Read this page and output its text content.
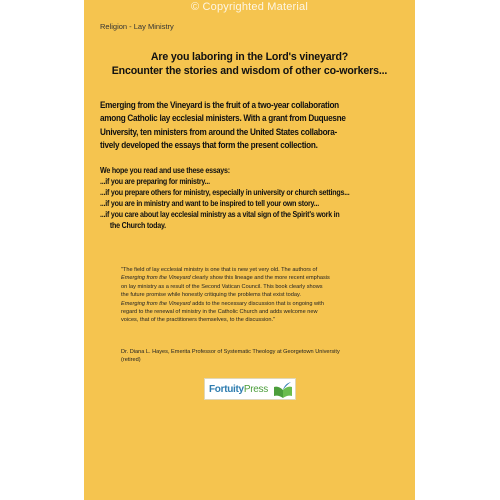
© Copyrighted Material
Religion - Lay Ministry
Are you laboring in the Lord's vineyard?
Encounter the stories and wisdom of other co-workers...
Emerging from the Vineyard is the fruit of a two-year collaboration
among Catholic lay ecclesial ministers. With a grant from Duquesne
University, ten ministers from around the United States collabora-
tively developed the essays that form the present collection.
We hope you read and use these essays:
...if you are preparing for ministry...
...if you prepare others for ministry, especially in university or church settings...
...if you are in ministry and want to be inspired to tell your own story...
...if you care about lay ecclesial ministry as a vital sign of the Spirit's work in
the Church today.
"The field of lay ecclesial ministry is one that is new yet very old. The authors of
Emerging from the Vineyard clearly show this lineage and the more recent emphasis
on lay ministry as a result of the Second Vatican Council. This book clearly shows
the future promise while honestly critiquing the problems that exist today.
Emerging from the Vineyard adds to the necessary discussion that is ongoing with
regard to the renewal of ministry in the Catholic Church and adds welcome new
voices, that of the practitioners themselves, to the discussion."
Dr. Diana L. Hayes, Emerita Professor of Systematic Theology at Georgetown University
(retired)
FortuityPress
